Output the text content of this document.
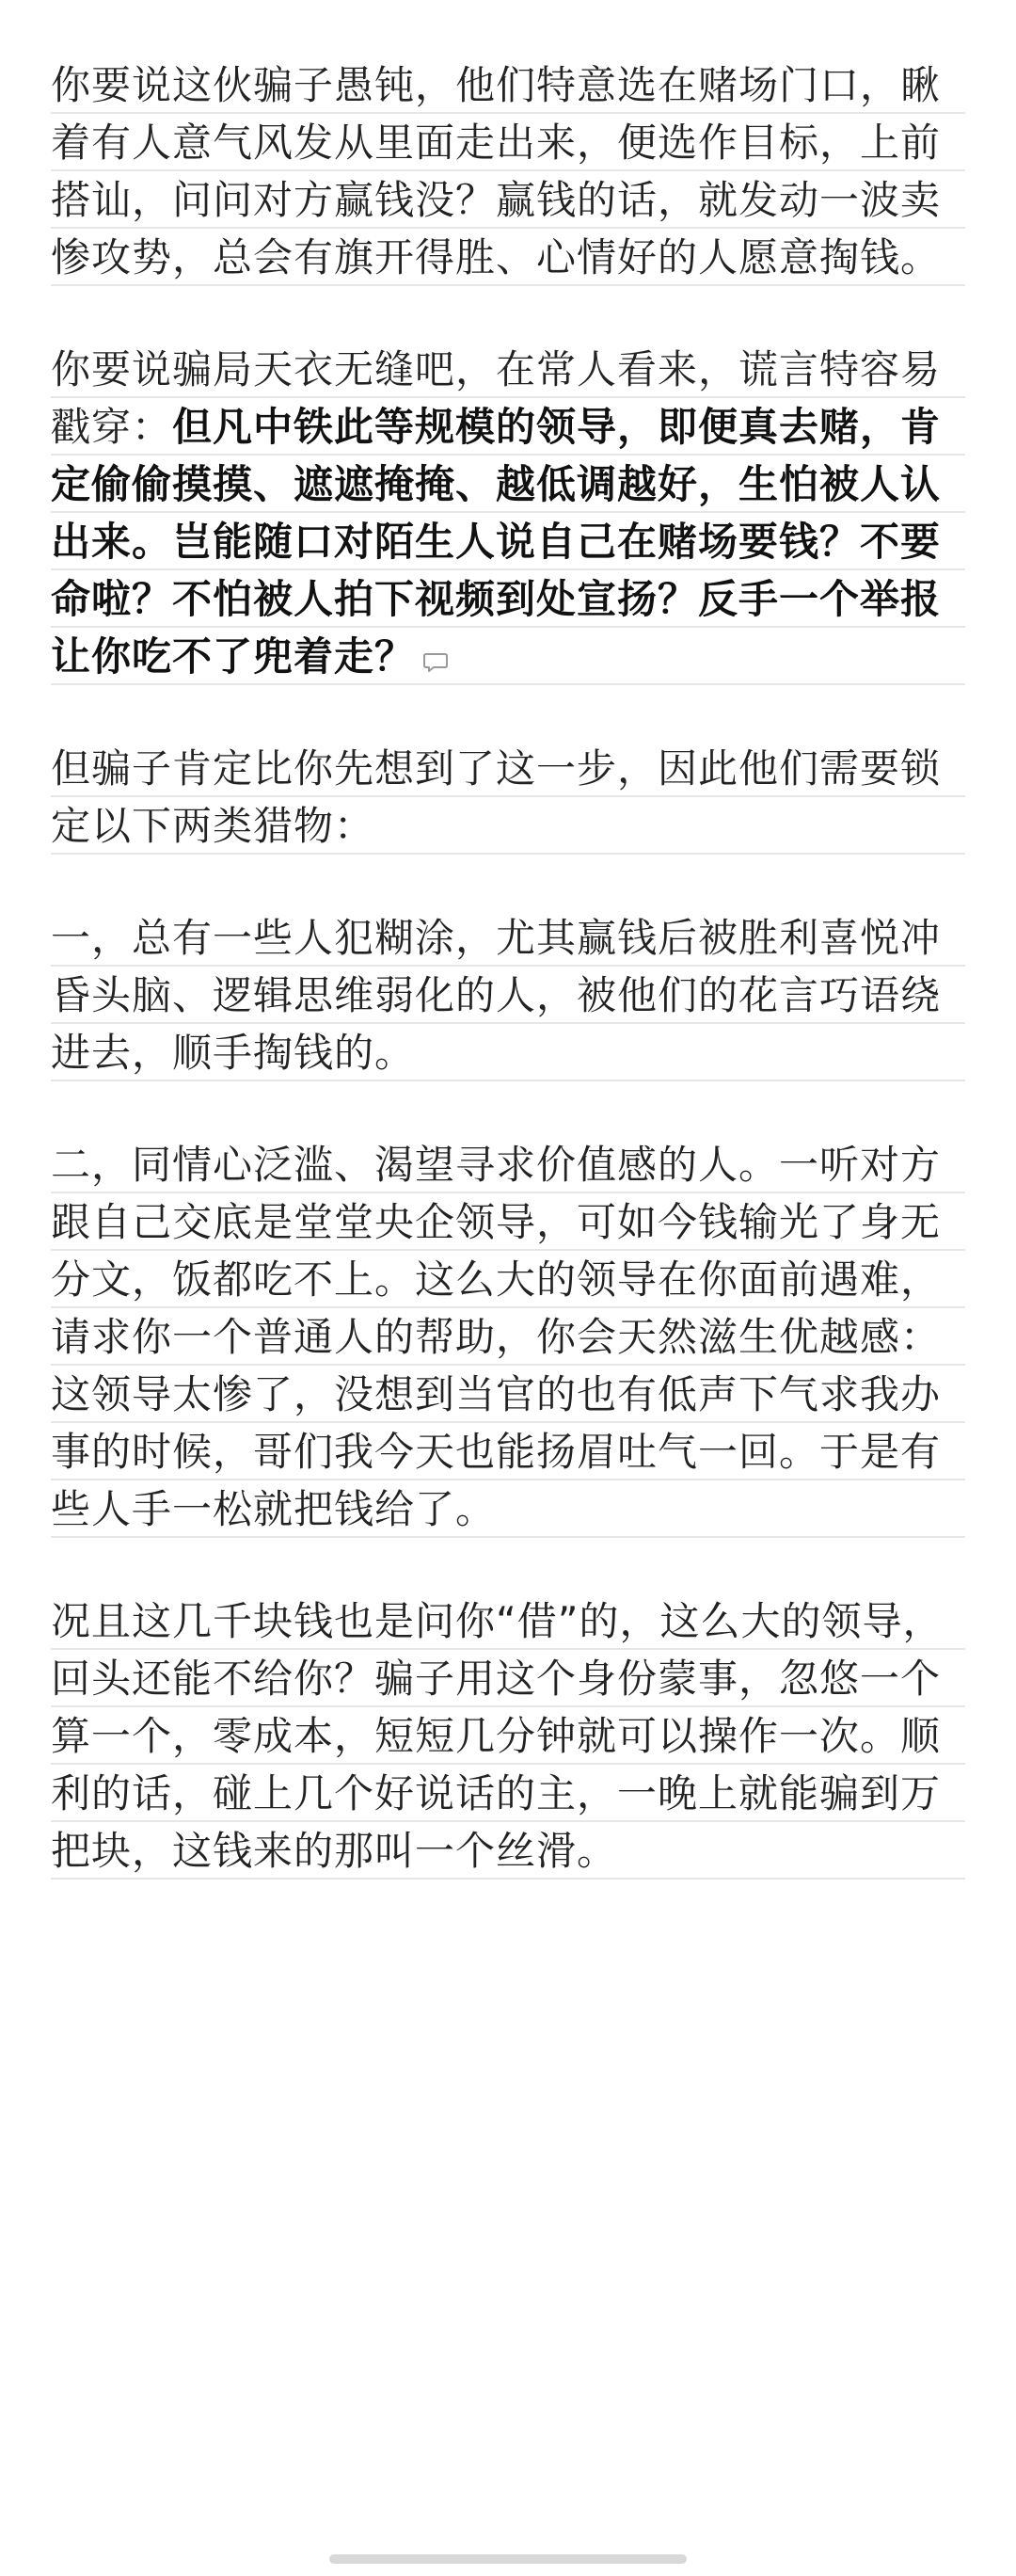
你要说这伙骗子愚钝，他们特意选在赌场门口，瞅着有人意气风发从里面走出来，便选作目标，上前搭讪，问问对方赢钱没？赢钱的话，就发动一波卖惨攻势，总会有旗开得胜、心情好的人愿意掏钱。

你要说骗局天衣无缝吧，在常人看来，谎言特容易戳穿：但凡中铁此等规模的领导，即便真去赌，肯定偷偷摸摸、遮遮掩掩、越低调越好，生怕被人认出来。岂能随口对陌生人说自己在赌场要钱？不要命啦？不怕被人拍下视频到处宣扬？反手一个举报让你吃不了兜着走？

但骗子肯定比你先想到了这一步，因此他们需要锁定以下两类猎物：

一，总有一些人犯糊涂，尤其赢钱后被胜利喜悦冲昏头脑、逻辑思维弱化的人，被他们的花言巧语绕进去，顺手掏钱的。

二，同情心泛滥、渴望寻求价值感的人。一听对方跟自己交底是堂堂央企领导，可如今钱输光了身无分文，饭都吃不上。这么大的领导在你面前遇难，请求你一个普通人的帮助，你会天然滋生优越感：这领导太惨了，没想到当官的也有低声下气求我办事的时候，哥们我今天也能扬眉吐气一回。于是有些人手一松就把钱给了。

况且这几千块钱也是问你“借”的，这么大的领导，回头还能不给你？骗子用这个身份蒙事，忽悠一个算一个，零成本，短短几分钟就可以操作一次。顺利的话，碰上几个好说话的主，一晚上就能骗到万把块，这钱来的那叫一个丝滑。
